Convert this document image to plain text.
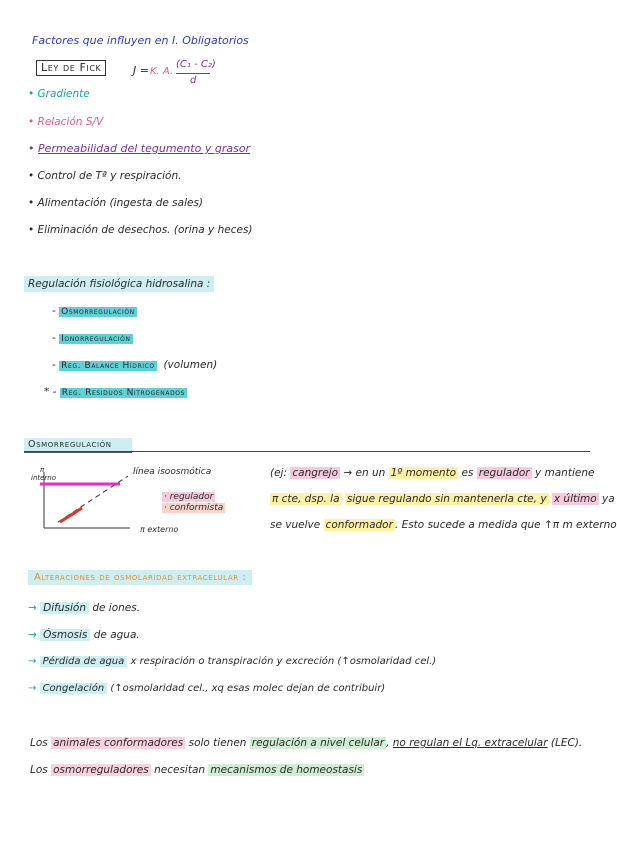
Factores que influyen en I. Obligatorios
Ley de Fick	J = K. A.
(C₁ - C₂)
d
• Gradiente
• Relación S/V
• Permeabilidad del tegumento y grasor
• Control de Tª y respiración.
• Alimentación (ingesta de sales)
• Eliminación de desechos. (orina y heces)
Regulación fisiológica hidrosalina :
- Osmorregulación
- Ionorregulación
- Reg. Balance Hídrico (volumen)
* - Reg. Residuos Nitrogenados
Osmorregulación
π
interno
π externo
línea isoosmótica
· regulador
· conformista
(ej: cangrejo → en un 1º momento es regulador y mantiene
π cte, dsp. la sigue regulando sin mantenerla cte, y x último ya
se vuelve conformador . Esto sucede a medida que ↑π m externo
Alteraciones de osmolaridad extracelular :
→ Difusión de iones.
→ Ósmosis de agua.
→ Pérdida de agua x respiración o transpiración y excreción (↑osmolaridad cel.)
→ Congelación (↑osmolaridad cel., xq esas molec dejan de contribuir)
Los animales conformadores solo tienen regulación a nivel celular , no regulan el Lq. extracelular (LEC).
Los osmorreguladores necesitan mecanismos de homeostasis
